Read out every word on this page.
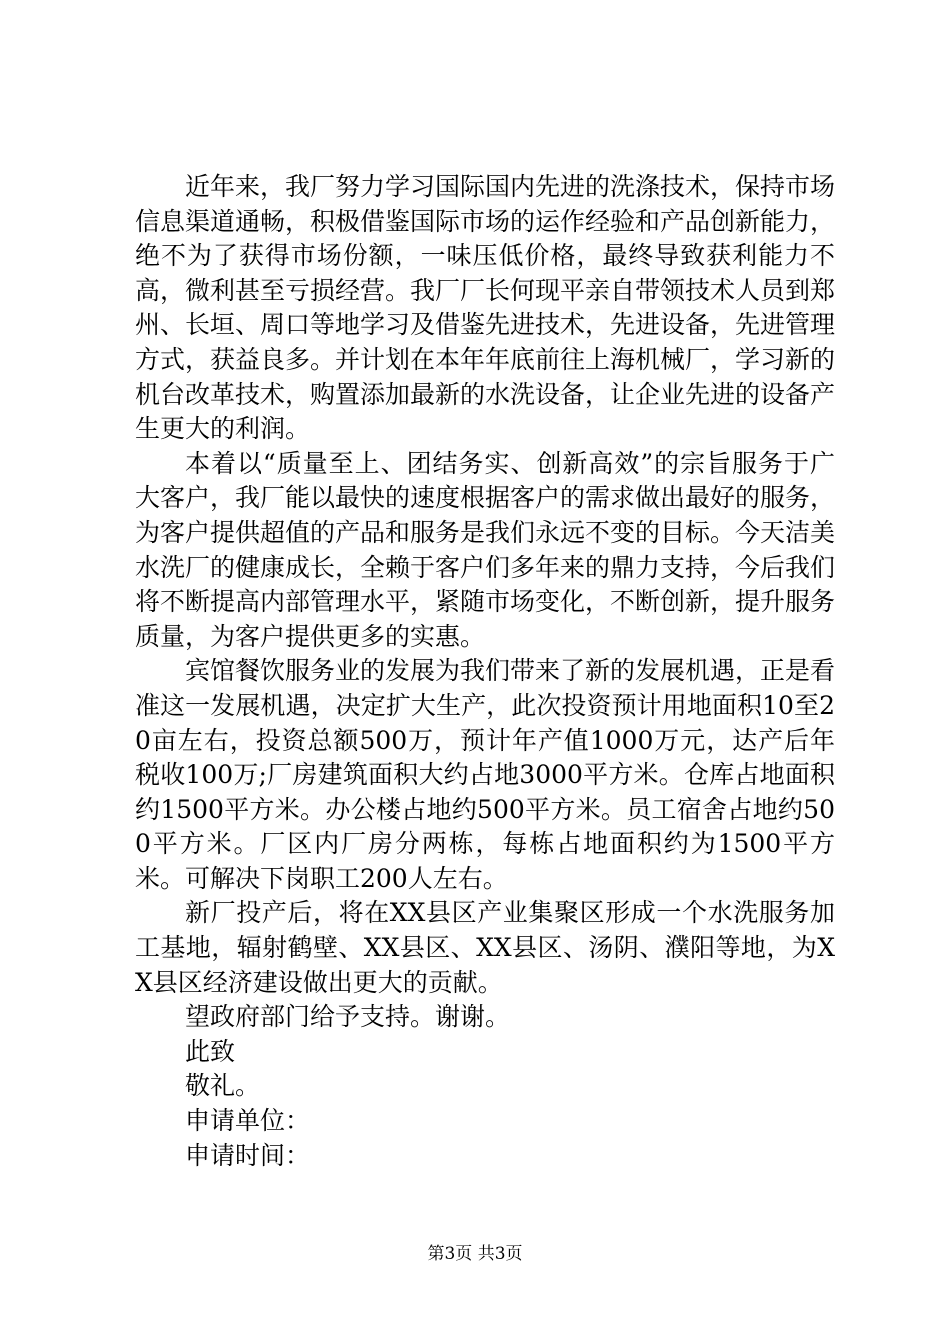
近年来，我厂努力学习国际国内先进的洗涤技术，保持市场信息渠道通畅，积极借鉴国际市场的运作经验和产品创新能力，绝不为了获得市场份额，一味压低价格，最终导致获利能力不高，微利甚至亏损经营。我厂厂长何现平亲自带领技术人员到郑州、长垣、周口等地学习及借鉴先进技术，先进设备，先进管理方式，获益良多。并计划在本年年底前往上海机械厂，学习新的机台改革技术，购置添加最新的水洗设备，让企业先进的设备产生更大的利润。

本着以“质量至上、团结务实、创新高效”的宗旨服务于广大客户，我厂能以最快的速度根据客户的需求做出最好的服务，为客户提供超值的产品和服务是我们永远不变的目标。今天洁美水洗厂的健康成长，全赖于客户们多年来的鼎力支持，今后我们将不断提高内部管理水平，紧随市场变化，不断创新，提升服务质量，为客户提供更多的实惠。

宾馆餐饮服务业的发展为我们带来了新的发展机遇，正是看准这一发展机遇，决定扩大生产，此次投资预计用地面积10至20亩左右，投资总额500万，预计年产值1000万元，达产后年税收100万;厂房建筑面积大约占地3000平方米。仓库占地面积约1500平方米。办公楼占地约500平方米。员工宿舍占地约500平方米。厂区内厂房分两栋，每栋占地面积约为1500平方米。可解决下岗职工200人左右。

新厂投产后，将在XX县区产业集聚区形成一个水洗服务加工基地，辐射鹤壁、XX县区、XX县区、汤阴、濮阳等地，为XX县区经济建设做出更大的贡献。

望政府部门给予支持。谢谢。

此致
敬礼。
申请单位：
申请时间：
第3页 共3页
